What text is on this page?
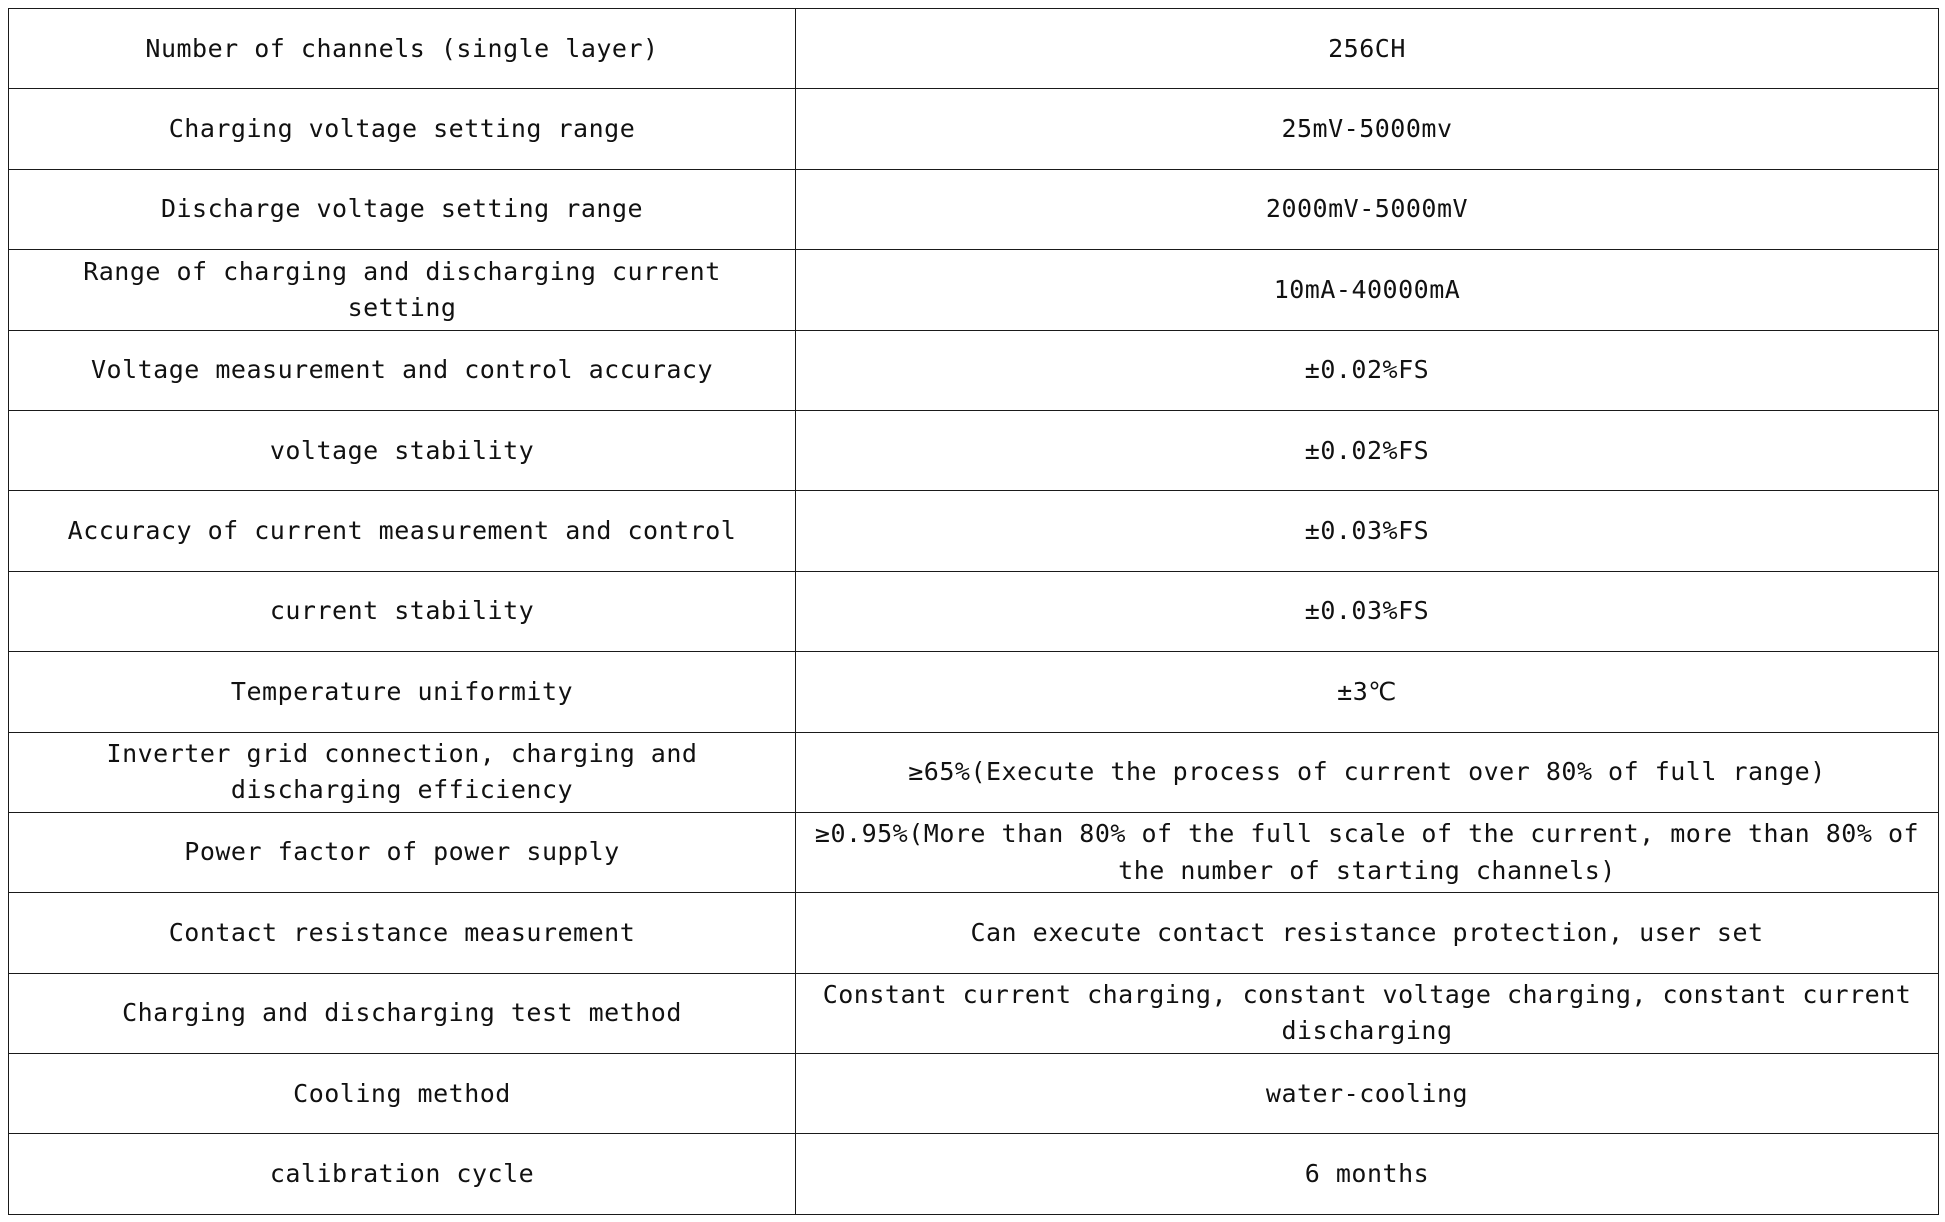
Number of channels (single layer)	256CH
Charging voltage setting range	25mV-5000mv
Discharge voltage setting range	2000mV-5000mV
Range of charging and discharging current setting	10mA-40000mA
Voltage measurement and control accuracy	±0.02%FS
voltage stability	±0.02%FS
Accuracy of current measurement and control	±0.03%FS
current stability	±0.03%FS
Temperature uniformity	±3℃
Inverter grid connection, charging and discharging efficiency	≥65%(Execute the process of current over 80% of full range)
Power factor of power supply	≥0.95%(More than 80% of the full scale of the current, more than 80% of the number of starting channels)
Contact resistance measurement	Can execute contact resistance protection, user set
Charging and discharging test method	Constant current charging, constant voltage charging, constant current discharging
Cooling method	water-cooling
calibration cycle	6 months
